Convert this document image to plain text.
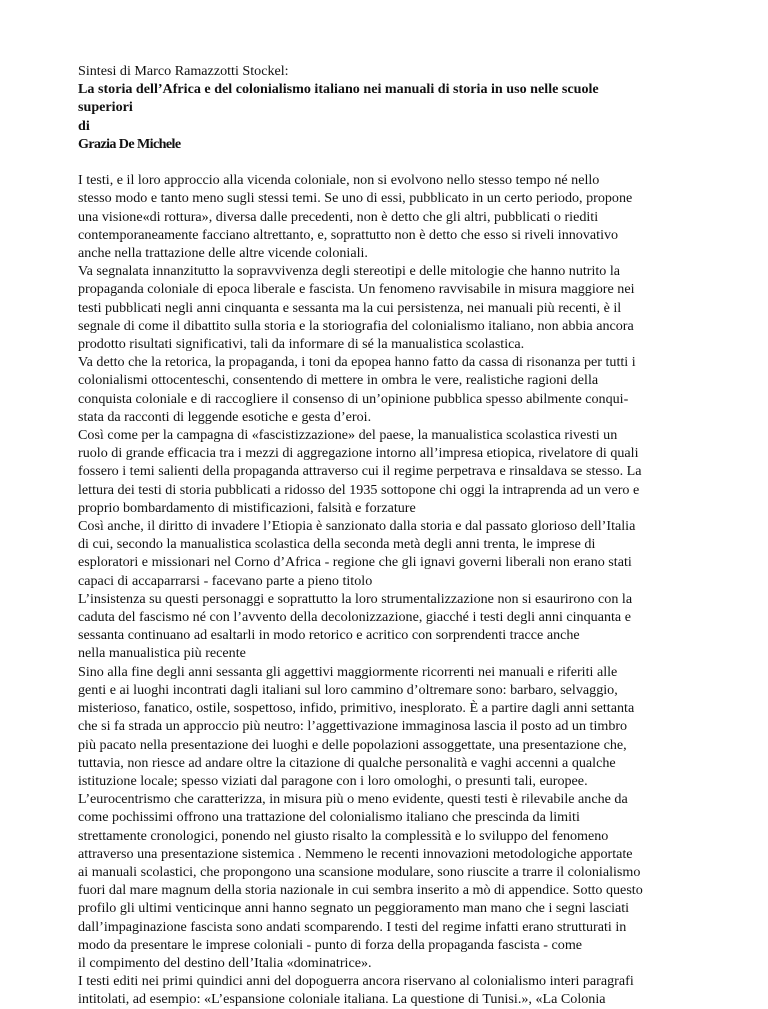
Sintesi di Marco Ramazzotti Stockel:
La storia dell’Africa e del colonialismo italiano nei manuali di storia in uso nelle scuole
superiori
di
Grazia De Michele
I testi, e il loro approccio alla vicenda coloniale, non si evolvono nello stesso tempo né nello
stesso modo e tanto meno sugli stessi temi. Se uno di essi, pubblicato in un certo periodo, propone
una visione«di rottura», diversa dalle precedenti, non è detto che gli altri, pubblicati o riediti
contemporaneamente facciano altrettanto, e, soprattutto non è detto che esso si riveli innovativo
anche nella trattazione delle altre vicende coloniali.
Va segnalata innanzitutto la sopravvivenza degli stereotipi e delle mitologie che hanno nutrito la
propaganda coloniale di epoca liberale e fascista. Un fenomeno ravvisabile in misura maggiore nei
testi pubblicati negli anni cinquanta e sessanta ma la cui persistenza, nei manuali più recenti, è il
segnale di come il dibattito sulla storia e la storiografia del colonialismo italiano, non abbia ancora
prodotto risultati significativi, tali da informare di sé la manualistica scolastica.
Va detto che la retorica, la propaganda, i toni da epopea hanno fatto da cassa di risonanza per tutti i
colonialismi ottocenteschi, consentendo di mettere in ombra le vere, realistiche ragioni della
conquista coloniale e di raccogliere il consenso di un’opinione pubblica spesso abilmente conqui-
stata da racconti di leggende esotiche e gesta d’eroi.
Così come per la campagna di «fascistizzazione» del paese, la manualistica scolastica rivesti un
ruolo di grande efficacia tra i mezzi di aggregazione intorno all’impresa etiopica, rivelatore di quali
fossero i temi salienti della propaganda attraverso cui il regime perpetrava e rinsaldava se stesso. La
lettura dei testi di storia pubblicati a ridosso del 1935 sottopone chi oggi la intraprenda ad un vero e
proprio bombardamento di mistificazioni, falsità e forzature
Così anche, il diritto di invadere l’Etiopia è sanzionato dalla storia e dal passato glorioso dell’Italia
di cui, secondo la manualistica scolastica della seconda metà degli anni trenta, le imprese di
esploratori e missionari nel Corno d’Africa - regione che gli ignavi governi liberali non erano stati
capaci di accaparrarsi - facevano parte a pieno titolo
L’insistenza su questi personaggi e soprattutto la loro strumentalizzazione non si esaurirono con la
caduta del fascismo né con l’avvento della decolonizzazione, giacché i testi degli anni cinquanta e
sessanta continuano ad esaltarli in modo retorico e acritico con sorprendenti tracce anche
nella manualistica più recente
Sino alla fine degli anni sessanta gli aggettivi maggiormente ricorrenti nei manuali e riferiti alle
genti e ai luoghi incontrati dagli italiani sul loro cammino d’oltremare sono: barbaro, selvaggio,
misterioso, fanatico, ostile, sospettoso, infido, primitivo, inesplorato. È a partire dagli anni settanta
che si fa strada un approccio più neutro: l’aggettivazione immaginosa lascia il posto ad un timbro
più pacato nella presentazione dei luoghi e delle popolazioni assoggettate, una presentazione che,
tuttavia, non riesce ad andare oltre la citazione di qualche personalità e vaghi accenni a qualche
istituzione locale; spesso viziati dal paragone con i loro omologhi, o presunti tali, europee.
L’eurocentrismo che caratterizza, in misura più o meno evidente, questi testi è rilevabile anche da
come pochissimi offrono una trattazione del colonialismo italiano che prescinda da limiti
strettamente cronologici, ponendo nel giusto risalto la complessità e lo sviluppo del fenomeno
attraverso una presentazione sistemica . Nemmeno le recenti innovazioni metodologiche apportate
ai manuali scolastici, che propongono una scansione modulare, sono riuscite a trarre il colonialismo
fuori dal mare magnum della storia nazionale in cui sembra inserito a mò di appendice. Sotto questo
profilo gli ultimi venticinque anni hanno segnato un peggioramento man mano che i segni lasciati
dall’impaginazione fascista sono andati scomparendo. I testi del regime infatti erano strutturati in
modo da presentare le imprese coloniali - punto di forza della propaganda fascista - come
il compimento del destino dell’Italia «dominatrice».
I testi editi nei primi quindici anni del dopoguerra ancora riservano al colonialismo interi paragrafi
intitolati, ad esempio: «L’espansione coloniale italiana. La questione di Tunisi.», «La Colonia
